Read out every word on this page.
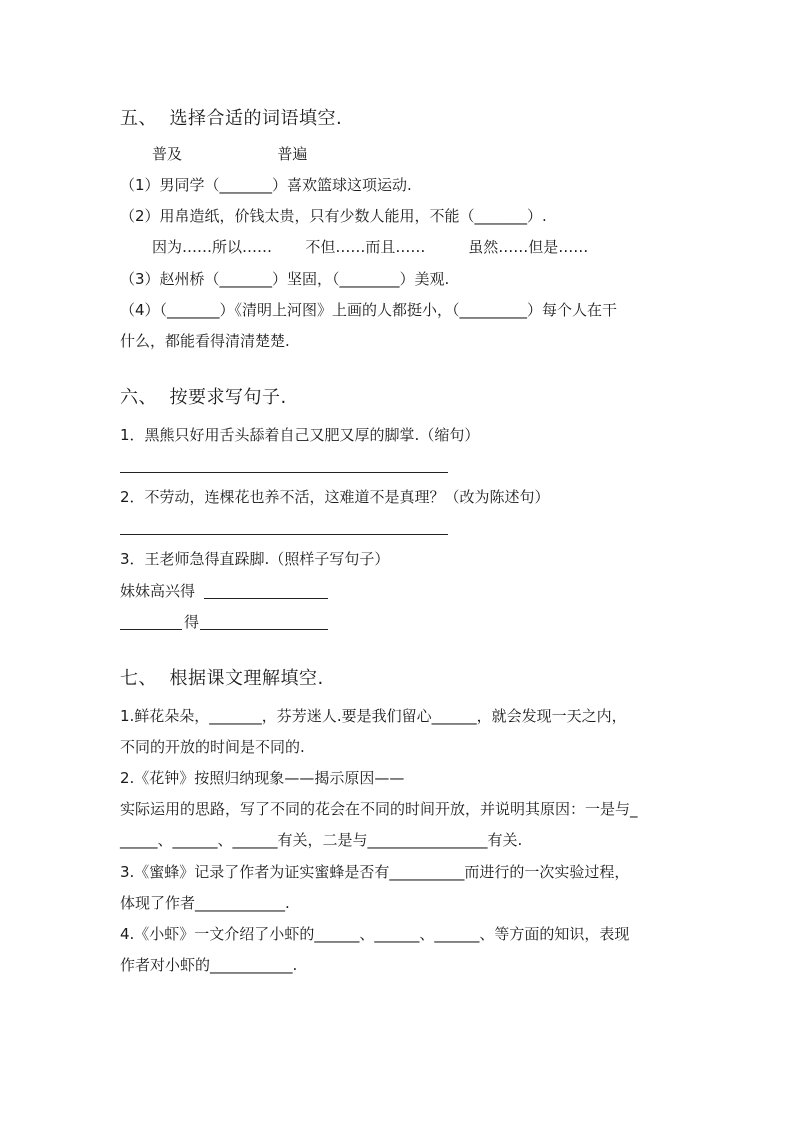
五、  选择合适的词语填空.
普及                    普遍
（1）男同学（_______）喜欢篮球这项运动.
（2）用帛造纸，价钱太贵，只有少数人能用，不能（_______）.
因为……所以……       不但……而且……         虽然……但是……
（3）赵州桥（_______）坚固，（________）美观.
（4）（_______）《清明上河图》上画的人都挺小，（_________）每个人在干
什么，都能看得清清楚楚.
六、  按要求写句子.
1．黑熊只好用舌头舔着自己又肥又厚的脚掌.（缩句）
2．不劳动，连棵花也养不活，这难道不是真理？（改为陈述句）
3．王老师急得直跺脚.（照样子写句子）
妹妹高兴得
得
七、  根据课文理解填空.
1.鲜花朵朵，_______，芬芳迷人.要是我们留心______，就会发现一天之内，
不同的开放的时间是不同的.
2.《花钟》按照归纳现象——揭示原因——
实际运用的思路，写了不同的花会在不同的时间开放，并说明其原因：一是与_
_____、______、______有关，二是与________________有关.
3.《蜜蜂》记录了作者为证实蜜蜂是否有__________而进行的一次实验过程，
体现了作者____________.
4.《小虾》一文介绍了小虾的______、______、______、等方面的知识，表现
作者对小虾的___________.
